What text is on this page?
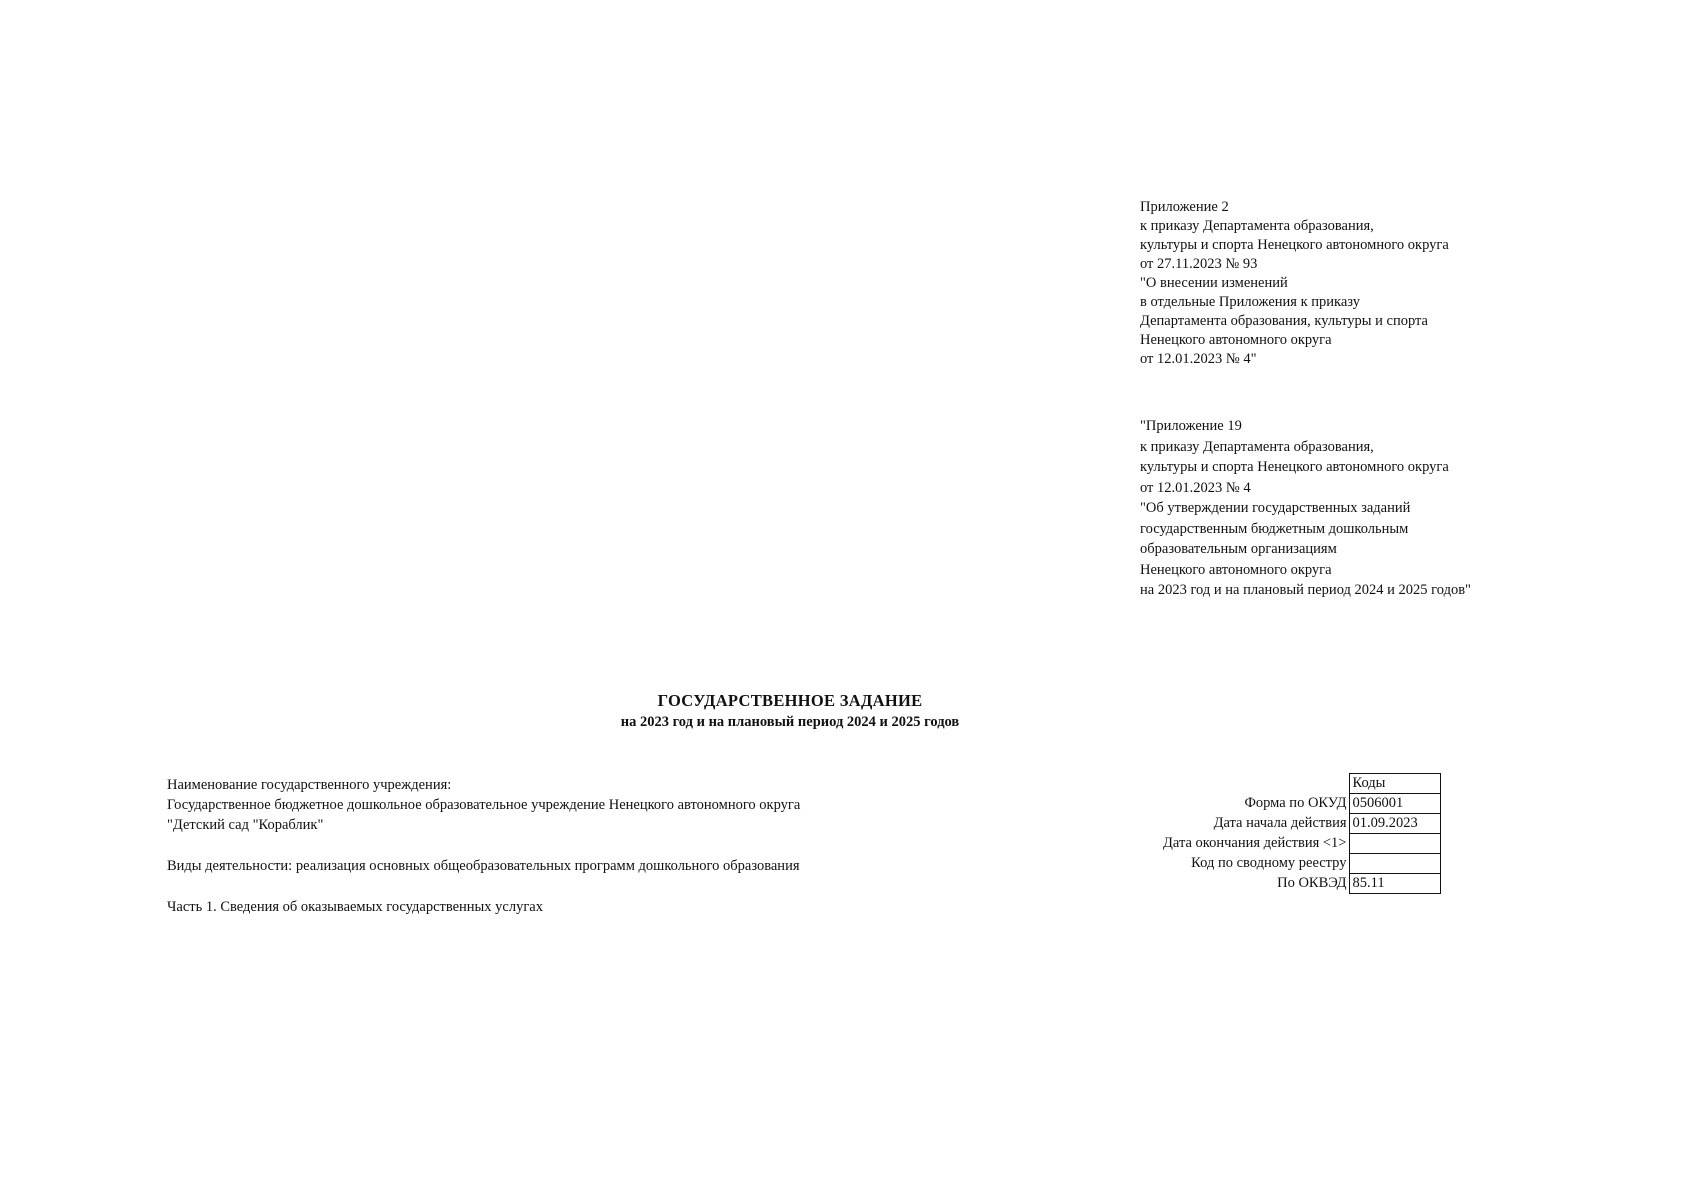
Приложение 2
к приказу Департамента образования,
культуры и спорта Ненецкого автономного округа
от 27.11.2023 № 93
"О внесении изменений
в отдельные Приложения к приказу
Департамента образования, культуры и спорта
Ненецкого автономного округа
от 12.01.2023 № 4"
"Приложение 19
к приказу Департамента образования,
культуры и спорта Ненецкого автономного округа
от 12.01.2023 № 4
"Об утверждении государственных заданий
государственным бюджетным дошкольным
образовательным организациям
Ненецкого автономного округа
на 2023 год и на плановый период 2024 и 2025 годов"
ГОСУДАРСТВЕННОЕ ЗАДАНИЕ
на 2023 год и на плановый период 2024 и 2025 годов
Наименование государственного учреждения:
Государственное бюджетное дошкольное образовательное учреждение Ненецкого автономного округа
"Детский сад "Кораблик"
Виды деятельности: реализация основных общеобразовательных программ дошкольного образования
Часть 1. Сведения об оказываемых государственных услугах
	Коды
Форма по ОКУД	0506001
Дата начала действия	01.09.2023
Дата окончания действия <1>	
Код по сводному реестру	
По ОКВЭД	85.11
